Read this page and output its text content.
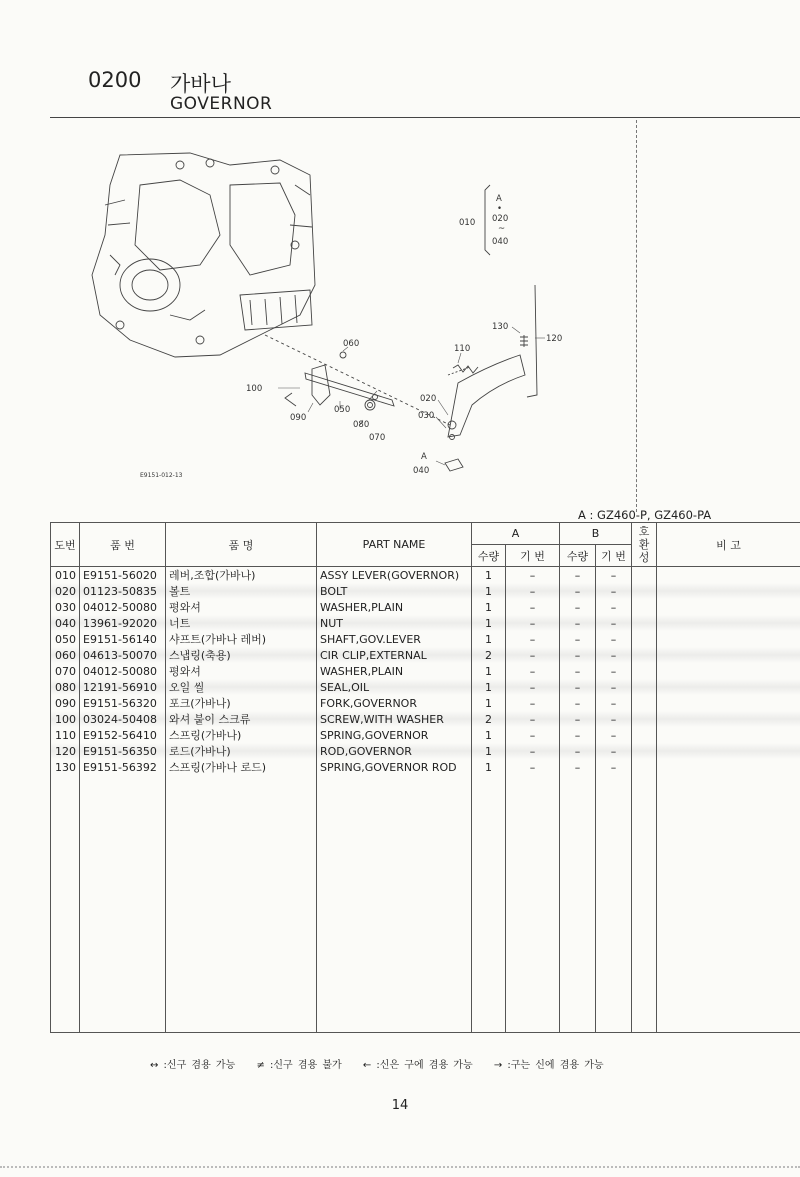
0200 가바나
GOVERNOR
010
020
030
040
050
060
070
080
090
100
110
120
130
A
A
•
020
~
040
E9151-012-13
A : GZ460-P, GZ460-PA
도번	품 번	품 명	PART NAME	A		B		호
환
성	비 고
				수량	기 번	수량	기 번		
010	E9151-56020	레버,조합(가바나)	ASSY LEVER(GOVERNOR)	1	–	–	–		
020	01123-50835	볼트	BOLT	1	–	–	–		
030	04012-50080	평와셔	WASHER,PLAIN	1	–	–	–		
040	13961-92020	너트	NUT	1	–	–	–		
050	E9151-56140	샤프트(가바나 레버)	SHAFT,GOV.LEVER	1	–	–	–		
060	04613-50070	스냅링(축용)	CIR CLIP,EXTERNAL	2	–	–	–		
070	04012-50080	평와셔	WASHER,PLAIN	1	–	–	–		
080	12191-56910	오일 씰	SEAL,OIL	1	–	–	–		
090	E9151-56320	포크(가바나)	FORK,GOVERNOR	1	–	–	–		
100	03024-50408	와셔 붙이 스크류	SCREW,WITH WASHER	2	–	–	–		
110	E9152-56410	스프링(가바나)	SPRING,GOVERNOR	1	–	–	–		
120	E9151-56350	로드(가바나)	ROD,GOVERNOR	1	–	–	–		
130	E9151-56392	스프링(가바나 로드)	SPRING,GOVERNOR ROD	1	–	–	–		

↔ :신구 겸용 가능 ≠ :신구 겸용 불가 ← :신은 구에 겸용 가능 → :구는 신에 겸용 가능
14
